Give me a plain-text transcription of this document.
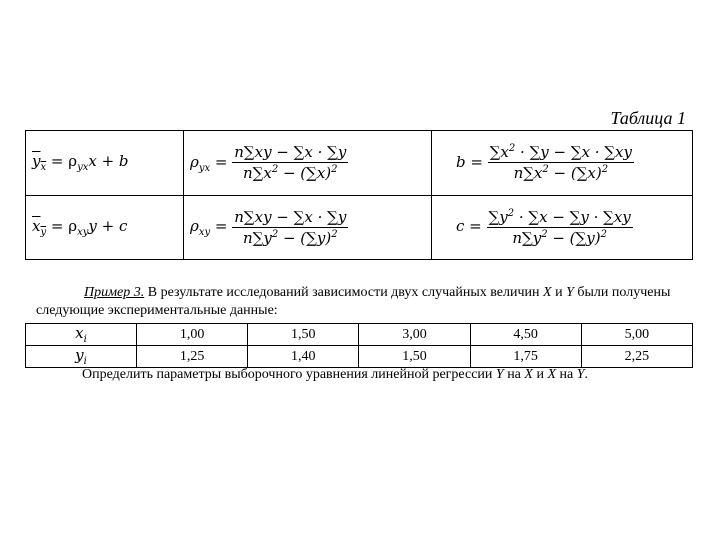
Таблица 1
$y_x = \rho_{yx}x + b$	$\rho_{yx} = \frac{n\sum xy - \sum x \cdot \sum y}{n\sum x^2 - (\sum x)^2}$	$b = \frac{\sum x^2 \cdot \sum y - \sum x \cdot \sum xy}{n\sum x^2 - (\sum x)^2}$

$x_y = \rho_{xy}y + c$	$\rho_{xy} = \frac{n\sum xy - \sum x \cdot \sum y}{n\sum y^2 - (\sum y)^2}$	$c = \frac{\sum y^2 \cdot \sum x - \sum y \cdot \sum xy}{n\sum y^2 - (\sum y)^2}$
Пример 3. В результате исследований зависимости двух случайных величин X и Y были получены следующие экспериментальные данные:
$x_i$	1,00	1,50	3,00	4,50	5,00
$y_i$	1,25	1,40	1,50	1,75	2,25
Определить параметры выборочного уравнения линейной регрессии Y на X и X на Y.
